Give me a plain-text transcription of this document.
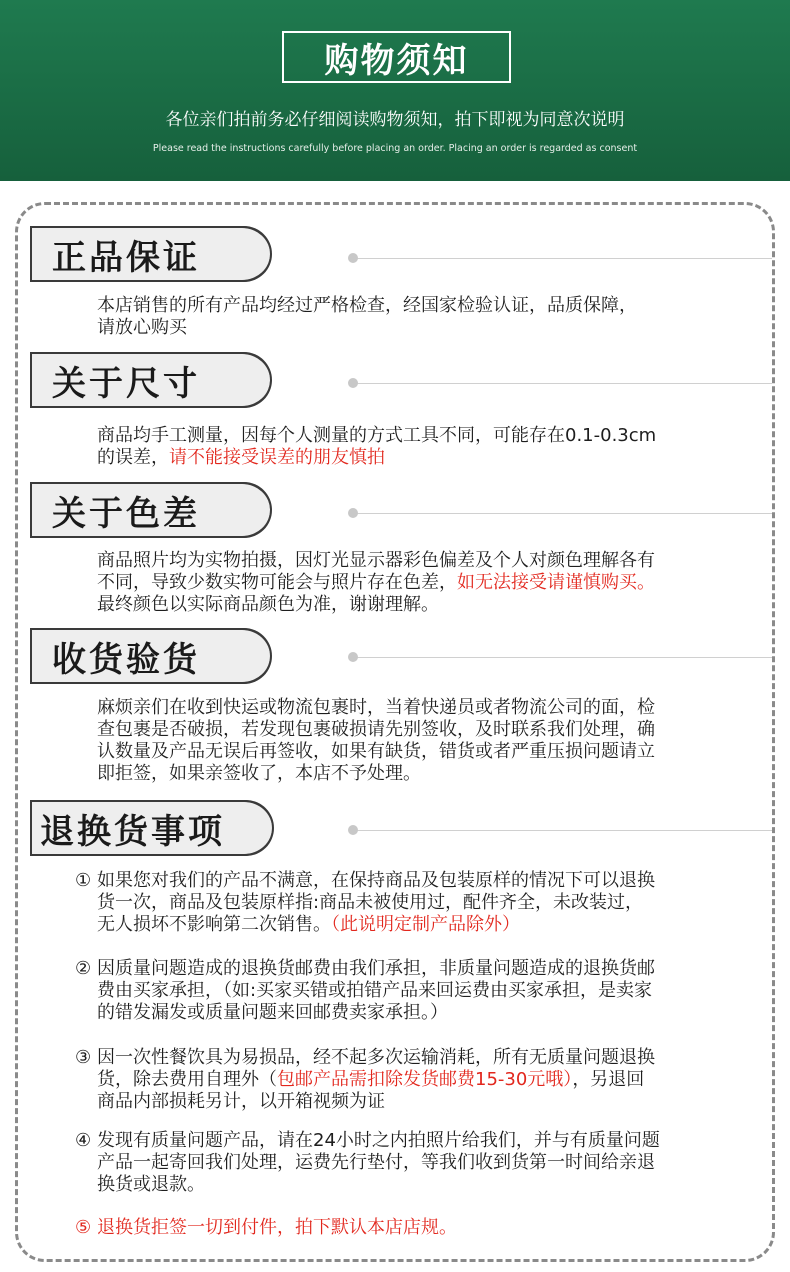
购物须知
各位亲们拍前务必仔细阅读购物须知，拍下即视为同意次说明
Please read the instructions carefully before placing an order. Placing an order is regarded as consent
正品保证
本店销售的所有产品均经过严格检查，经国家检验认证，品质保障，
请放心购买
关于尺寸
商品均手工测量，因每个人测量的方式工具不同，可能存在0.1-0.3cm
的误差，请不能接受误差的朋友慎拍
关于色差
商品照片均为实物拍摄，因灯光显示器彩色偏差及个人对颜色理解各有
不同，导致少数实物可能会与照片存在色差，如无法接受请谨慎购买。
最终颜色以实际商品颜色为准，谢谢理解。
收货验货
麻烦亲们在收到快运或物流包裹时，当着快递员或者物流公司的面，检
查包裹是否破损，若发现包裹破损请先别签收，及时联系我们处理，确
认数量及产品无误后再签收，如果有缺货，错货或者严重压损问题请立
即拒签，如果亲签收了，本店不予处理。
退换货事项
① 如果您对我们的产品不满意，在保持商品及包装原样的情况下可以退换
货一次，商品及包装原样指:商品未被使用过，配件齐全，未改装过，
无人损坏不影响第二次销售。（此说明定制产品除外）
② 因质量问题造成的退换货邮费由我们承担，非质量问题造成的退换货邮
费由买家承担，（如:买家买错或拍错产品来回运费由买家承担，是卖家
的错发漏发或质量问题来回邮费卖家承担。）
③ 因一次性餐饮具为易损品，经不起多次运输消耗，所有无质量问题退换
货，除去费用自理外（包邮产品需扣除发货邮费15-30元哦），另退回
商品内部损耗另计，以开箱视频为证
④ 发现有质量问题产品，请在24小时之内拍照片给我们，并与有质量问题
产品一起寄回我们处理，运费先行垫付，等我们收到货第一时间给亲退
换货或退款。
⑤ 退换货拒签一切到付件，拍下默认本店店规。
